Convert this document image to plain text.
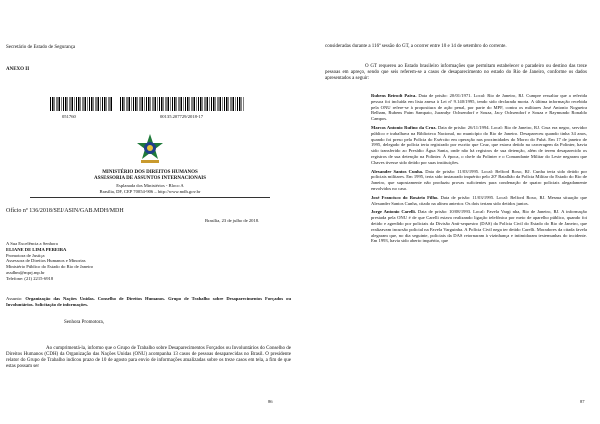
Secretário de Estado de Segurança

ANEXO II

051760	00135.207729/2018-17

MINISTÉRIO DOS DIREITOS HUMANOS

ASSESSORIA DE ASSUNTOS INTERNACIONAIS

Esplanada dos Ministérios - Bloco A

Brasília, DF, CEP 70054-906 – http://www.mdh.gov.br

Ofício nº 136/2018/SEI/ASIN/GAB.MDH/MDH

Brasília, 23 de julho de 2018.

A Sua Excelência a Senhora

ELIANE DE LIMA PEREIRA

Promotora de Justiça

Assessora de Direitos Humanos e Minorias

Ministério Público do Estado do Rio de Janeiro

assdhm@mprj.mp.br

Telefone: (21) 2215-6918

Assunto: Organização das Nações Unidas. Conselho de Direitos Humanos. Grupo de Trabalho sobre Desaparecimentos Forçados ou Involuntários. Solicitação de informações.

Senhora Promotora,

Ao cumprimentá-la, informo que o Grupo de Trabalho sobre Desaparecimentos Forçados ou Involuntários do Conselho de Direitos Humanos (CDH) da Organização das Nações Unidas (ONU) acompanha 13 casos de pessoas desaparecidas no Brasil. O presidente relator do Grupo de Trabalho indicou prazo de 10 de agosto para envio de informações atualizadas sobre os treze casos em tela, a fim de que estas possam ser

86

consideradas durante a 116ª sessão do GT, a ocorrer entre 10 e 14 de setembro do corrente.

O GT requereu ao Estado brasileiro informações que permitam estabelecer o paradeiro ou destino das treze pessoas em apreço, sendo que seis referem-se a casos de desaparecimento no estado do Rio de Janeiro, conforme os dados apresentados a seguir:

Rubens Beirodt Paiva. Data de prisão: 20/01/1971. Local: Rio de Janeiro, RJ. Cumpre ressaltar que a referida pessoa foi incluída em lista anexa à Lei nº 9.140/1995, tendo sido declarada morta. A última informação recebida pela ONU refere-se à propositura de ação penal, por parte do MPF, contra os militares José Antonio Nogueira Belham, Rubens Paim Sampaio, Jurandyr Ochsendorf e Souza, Jacy Ochsendorf e Souza e Raymundo Ronaldo Campos.

Marcos Antonio Rufino da Cruz. Data de prisão: 26/11/1994. Local: Rio de Janeiro, RJ. Cruz era negro, servidor público e trabalhava na Biblioteca Nacional, no município do Rio de Janeiro. Desapareceu quando tinha 34 anos, quando foi preso pela Polícia do Exército em operação nas proximidades do Morro do Fubá. Em 17 de janeiro de 1995, delegado de polícia teria registrado por escrito que Cruz, que estava detido na carceragem da Polinter, havia sido transferido ao Presídio Água Santa, onde não há registros de sua detenção, além de terem desaparecido os registros de sua detenção na Polinter. À época, o chefe da Polinter e o Comandante Militar do Leste negaram que Chaves tivesse sido detido por suas instituições.

Alexander Santos Cunha. Data de prisão: 11/03/1995. Local: Belford Roxo, RJ. Cunha teria sido detido por policiais militares. Em 1995, teria sido instaurado inquérito pelo 20º Batalhão da Polícia Militar do Estado do Rio de Janeiro, que supostamente não produziu provas suficientes para condenação de quatro policiais alegadamente envolvidos no caso.

José Francisco do Rosário Filho. Data de prisão: 11/03/1995. Local: Belford Roxo, RJ. Mesma situação que Alexander Santos Cunha, citado na alínea anterior. Os dois teriam sido detidos juntos.

Jorge Antonio Carelli. Data de prisão: 10/08/1993. Local: Favela Vargi nha, Rio de Janeiro, RJ. A informação prestada pela ONU é de que Carelli estava realizando ligação telefônica por meio de aparelho público, quando foi detido e agredido por policiais da Divisão Anti-sequestro (DAS) da Polícia Civil do Estado do Rio de Janeiro, que realizavam incursão policial na Favela Varguinha. A Polícia Civil nega ter detido Carelli. Moradores da citada favela alegaram que, no dia seguinte, policiais da DAS retornaram à vizinhança e intimidaram testemunhas do incidente. Em 1993, havia sido aberto inquérito, que

87
